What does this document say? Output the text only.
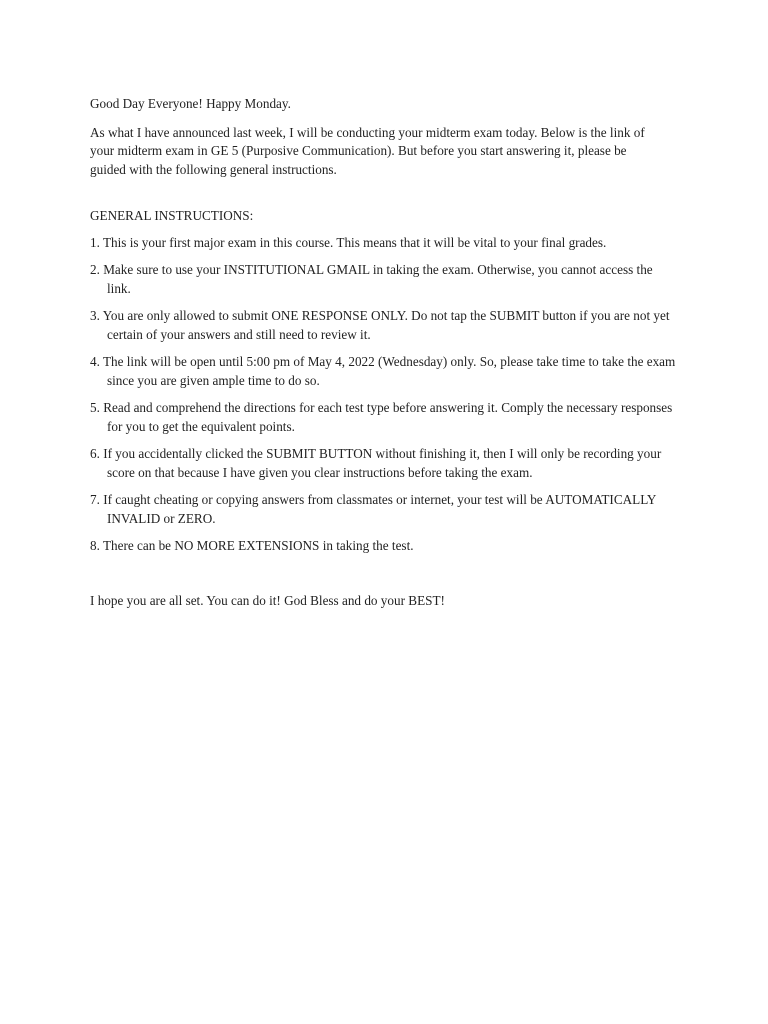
Good Day Everyone! Happy Monday.

As what I have announced last week, I will be conducting your midterm exam today. Below is the link of your midterm exam in GE 5 (Purposive Communication). But before you start answering it, please be guided with the following general instructions.

GENERAL INSTRUCTIONS:

1. This is your first major exam in this course. This means that it will be vital to your final grades.
2. Make sure to use your INSTITUTIONAL GMAIL in taking the exam. Otherwise, you cannot access the link.
3. You are only allowed to submit ONE RESPONSE ONLY. Do not tap the SUBMIT button if you are not yet certain of your answers and still need to review it.
4. The link will be open until 5:00 pm of May 4, 2022 (Wednesday) only. So, please take time to take the exam since you are given ample time to do so.
5. Read and comprehend the directions for each test type before answering it. Comply the necessary responses for you to get the equivalent points.
6. If you accidentally clicked the SUBMIT BUTTON without finishing it, then I will only be recording your score on that because I have given you clear instructions before taking the exam.
7. If caught cheating or copying answers from classmates or internet, your test will be AUTOMATICALLY INVALID or ZERO.
8. There can be NO MORE EXTENSIONS in taking the test.

I hope you are all set. You can do it! God Bless and do your BEST!
